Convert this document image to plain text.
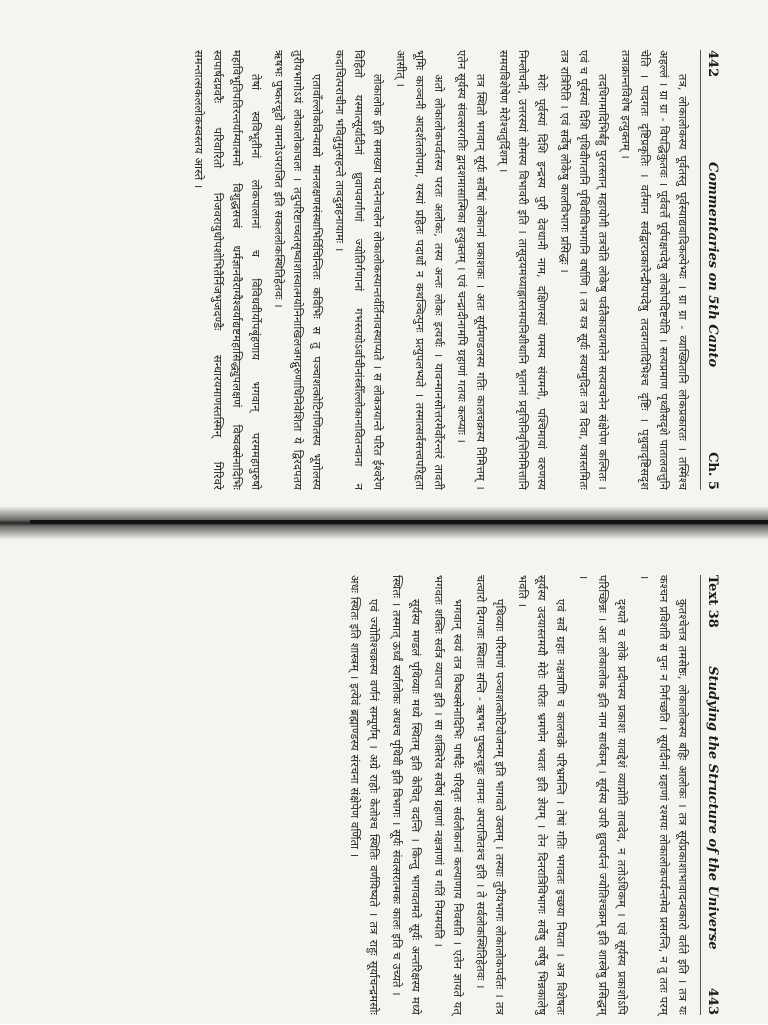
442
Commentaries on 5th Canto
Ch. 5

तत्र, लोकालोकस्य पूर्वतस्तु पूर्वस्याद्यवादिकल्पेभ्यः । ग्रा ग्रा - व्याख्यितानि लोकप्रकारतः । तस्मिंश्च अहल्लं । ग्रा ग्रा - विपद्धिकुतवः । पूर्ववर्त्ते पूर्वपक्षपदेषु लोकोपदिष्टयेति । सत्यप्रमाण पृथ्वीसदृशे पातालवत्तुनि चेति । पादगतः दृष्टिप्रकृतिः । वर्तमान सर्वद्वारप्रकारेन्द्रीयपदेषु तदवगतादिभिश्च दृष्टिः । पृथुवादृष्टिसदृश तत्राक्रान्तविशेष इत्युक्तम् ।

तदधिगमादिभिर्बहु पुरतस्तान् महायोगी तत्रचेति लोकेषु पर्वतैकादशमतेन सत्यवचनेन संक्षेपेण कल्पितः । एवं च पूर्वस्यां दिशि पृथिवीगतानि पृथिवीविभागानि वर्षाणि । तत्र यत्र सूर्यः स्वयमुदितः तत्र दिवा, यत्रास्तमितः तत्र रात्रिरिति । एवं सर्वेषु लोकेषु कालविभागः प्रसिद्धः ।

मेरोः पूर्वस्यां दिशि इन्द्रस्य पुरी देवधानी नाम, दक्षिणस्यां यमस्य संयमनी, पश्चिमायां वरुणस्य निम्लोचनी, उत्तरस्यां सोमस्य विभावरी इति । तासूदयमध्याह्नास्तमयनिशीथानि भूतानां प्रवृत्तिनिवृत्तिनिमित्तानि समयविशेषेण मेरोश्चतुर्दिशम् ।

तत्र स्थितो भगवान् सूर्यः सर्वेषां लोकानां प्रकाशकः । अतः सूर्यमण्डलस्य गतिः कालचक्रस्य निमित्तम् । एतेन सूर्यस्य संवत्सरगतिः द्वादशमासात्मिका इत्युक्तम् । एवं चन्द्रादीनामपि ग्रहाणां गतयः कल्प्याः ।

अतो लोकालोकपर्वतस्य परतः अलोकः, तस्य अन्तः लोकः इत्यर्थः । यावन्मानसोत्तरमेर्वोरन्तरं तावती भूमिः काञ्चनी आदर्शतलोपमा, यस्यां प्रहितः पदार्थो न कथञ्चित्पुनः प्रत्युपलभ्यते । तस्मात्सर्वसत्त्वपरिहृता आसीत् ।

लोकालोक इति समाख्या यदनेनाचलेन लोकालोकस्यान्तर्वर्तिनावस्थाप्यते । स लोकत्रयान्ते परित ईश्वरेण विहितो यस्मात्सूर्यादीनां ध्रुवापवर्गाणां ज्योतिर्गणानां गभस्तयोऽर्वाचीनांस्त्रीँल्लोकानावितन्वाना न कदाचित्पराचीना भवितुमुत्सहन्ते तावदुन्नहनायामः ।

एतावाँल्लोकविन्यासो मानलक्षणसंस्थाभिर्विचिन्तितः कविभिः स तु पञ्चाशत्कोटिगणितस्य भूगोलस्य तुरीयभागोऽयं लोकालोकाचलः । तदुपरिष्टाच्चतसृष्वाशास्वात्मयोनिनाखिलजगद्गुरुणाधिनिवेशिता ये द्विरदपतय ऋषभः पुष्करचूडो वामनोऽपराजित इति सकललोकस्थितिहेतवः ।

तेषां स्वविभूतीनां लोकपालानां च विविधवीर्योपबृंहणाय भगवान् परममहापुरुषो महाविभूतिपतिरन्तर्याम्यात्मनो विशुद्धसत्त्वं धर्मज्ञानवैराग्यैश्वर्याद्यष्टमहासिद्ध्युपलक्षणं विष्वक्सेनादिभिः स्वपार्षदप्रवरैः परिवारितो निजवरायुधोपशोभितैर्निजभुजदण्डैः सन्धारयमाणस्तस्मिन् गिरिवरे समन्तात्सकललोकस्वस्तय आस्ते ।

Text 38
Studying the Structure of the Universe
443

कुतश्चेत्तत्र तमसेष्ठः, लोकालोकस्य बहिः आलोकः । तत्र सूर्यप्रकाशाभावादन्धकारो वर्तते इति । तत्र यः कश्चन प्रविशति स पुनः न निर्गच्छति । सूर्यादीनां ग्रहाणां रश्मयः लोकालोकपर्यन्तमेव प्रसरन्ति, न तु ततः परम् ।

दृश्यते च लोके प्रदीपस्य प्रकाशः यावद्देशं व्याप्नोति तावदेव, न ततोऽधिकम् । एवं सूर्यस्य प्रकाशोऽपि परिच्छिन्नः । अतः लोकालोक इति नाम सार्थकम् । सूर्यस्य उपरि ध्रुवपर्यन्तं ज्योतिश्चक्रम् इति शास्त्रेषु प्रसिद्धम् ।

एवं सर्वे ग्रहाः नक्षत्राणि च कालचक्रे परिभ्रमन्ति । तेषां गतिः भगवतः इच्छया नियता । अत्र विशेषतः सूर्यस्य उदयास्तमयौ मेरोः परितः भ्रमणेन भवतः इति ज्ञेयम् । तेन दिनरात्रिविभागः सर्वेषु वर्षेषु भिन्नकालेषु भवति ।

पृथिव्याः परिमाणं पञ्चाशत्कोटियोजनम् इति भागवते उक्तम् । तस्याः तुरीयभागः लोकालोकपर्वतः । तत्र चत्वारो दिग्गजाः स्थिताः सन्ति - ऋषभः पुष्करचूडः वामनः अपराजितश्च इति । ते सर्वलोकस्थितिहेतवः ।

भगवान् स्वयं तत्र विष्वक्सेनादिभिः पार्षदैः परिवृतः सर्वलोकानां कल्याणाय निवसति । एतेन ज्ञायते यत् भगवतः शक्तिः सर्वत्र व्याप्ता इति । सा शक्तिरेव सर्वेषां ग्रहाणां नक्षत्राणां च गतिं नियमयति ।

सूर्यस्य मण्डलं पृथिव्याः मध्ये स्थितम् इति केचित् वदन्ति । किन्तु भागवतमते सूर्यः अन्तरिक्षस्य मध्ये स्थितः । तस्मात् ऊर्ध्वं स्वर्गलोकः अधश्च पृथिवी इति विभागः । सूर्यः संवत्सरात्मकः कालः इति च उच्यते ।

एवं ज्योतिश्चक्रस्य वर्णनं सम्पूर्णम् । अग्रे राहोः केतोश्च स्थितिः वर्णयिष्यते । तत्र राहुः सूर्याचन्द्रमसोः अधः स्थितः इति शास्त्रम् । इत्येवं ब्रह्माण्डस्य संरचना संक्षेपेण वर्णिता ।
